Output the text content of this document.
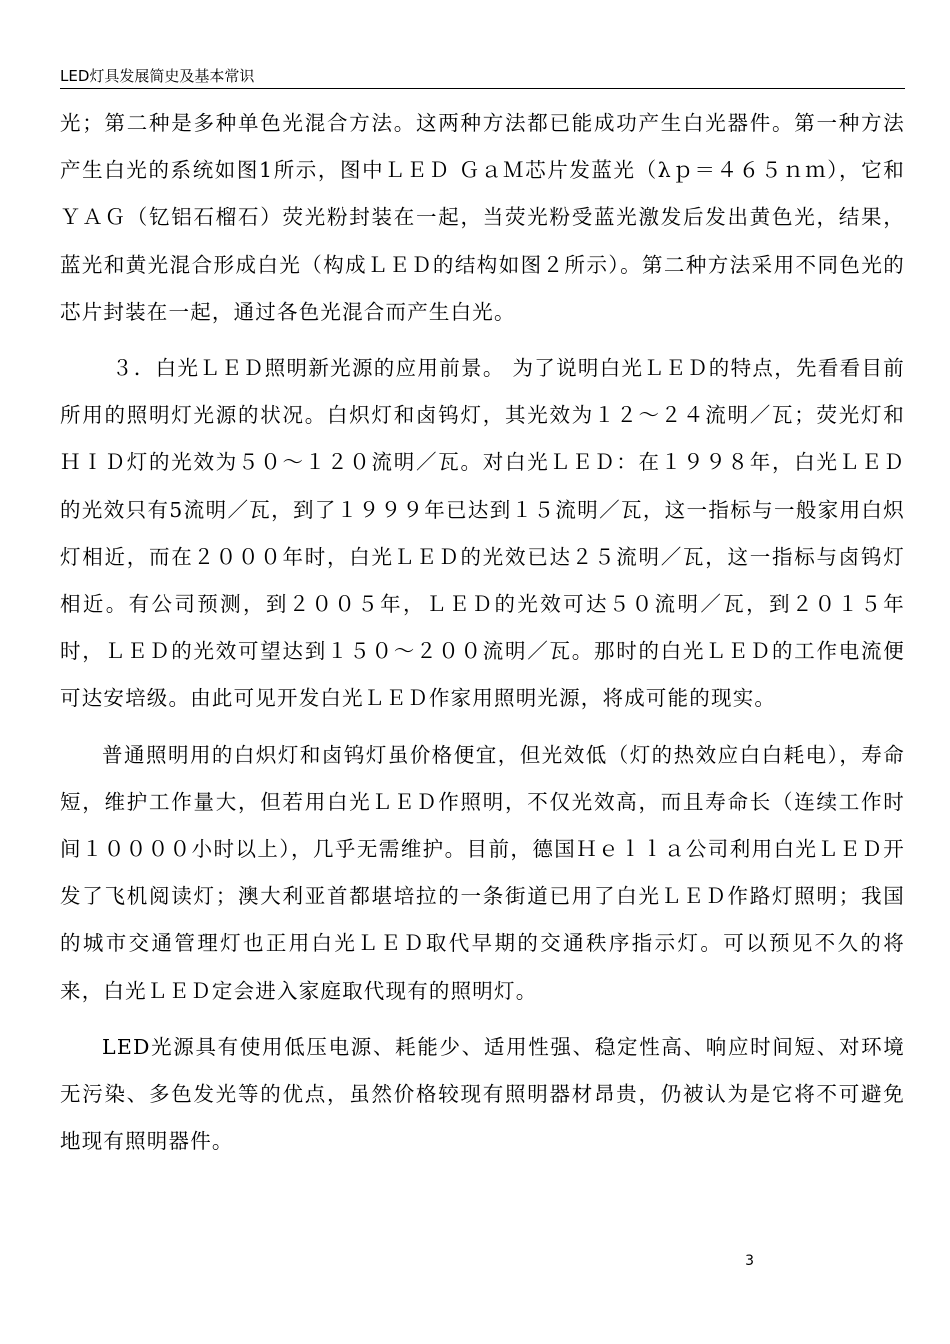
LED灯具发展简史及基本常识

光；第二种是多种单色光混合方法。这两种方法都已能成功产生白光器件。第一种方法产生白光的系统如图1所示，图中ＬＥＤ ＧａＭ芯片发蓝光（λｐ＝４６５ｎｍ），它和ＹＡＧ（钇铝石榴石）荧光粉封装在一起，当荧光粉受蓝光激发后发出黄色光，结果，蓝光和黄光混合形成白光（构成ＬＥＤ的结构如图２所示）。第二种方法采用不同色光的芯片封装在一起，通过各色光混合而产生白光。

３．白光ＬＥＤ照明新光源的应用前景。 为了说明白光ＬＥＤ的特点，先看看目前所用的照明灯光源的状况。白炽灯和卤钨灯，其光效为１２～２４流明／瓦；荧光灯和ＨＩＤ灯的光效为５０～１２０流明／瓦。对白光ＬＥＤ：在１９９８年，白光ＬＥＤ的光效只有5流明／瓦，到了１９９９年已达到１５流明／瓦，这一指标与一般家用白炽灯相近，而在２０００年时，白光ＬＥＤ的光效已达２５流明／瓦，这一指标与卤钨灯相近。有公司预测，到２００５年，ＬＥＤ的光效可达５０流明／瓦，到２０１５年时，ＬＥＤ的光效可望达到１５０～２００流明／瓦。那时的白光ＬＥＤ的工作电流便可达安培级。由此可见开发白光ＬＥＤ作家用照明光源，将成可能的现实。

普通照明用的白炽灯和卤钨灯虽价格便宜，但光效低（灯的热效应白白耗电），寿命短，维护工作量大，但若用白光ＬＥＤ作照明，不仅光效高，而且寿命长（连续工作时间１００００小时以上），几乎无需维护。目前，德国Ｈｅｌｌａ公司利用白光ＬＥＤ开发了飞机阅读灯；澳大利亚首都堪培拉的一条街道已用了白光ＬＥＤ作路灯照明；我国的城市交通管理灯也正用白光ＬＥＤ取代早期的交通秩序指示灯。可以预见不久的将来，白光ＬＥＤ定会进入家庭取代现有的照明灯。

LED光源具有使用低压电源、耗能少、适用性强、稳定性高、响应时间短、对环境无污染、多色发光等的优点，虽然价格较现有照明器材昂贵，仍被认为是它将不可避免地现有照明器件。

3
